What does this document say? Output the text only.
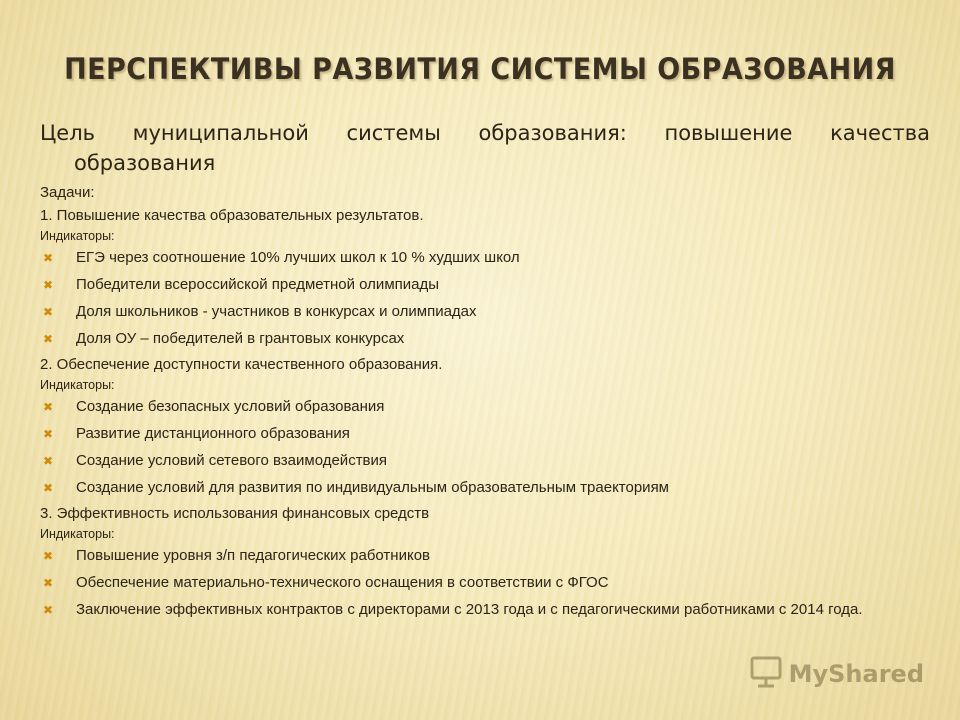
ПЕРСПЕКТИВЫ РАЗВИТИЯ СИСТЕМЫ ОБРАЗОВАНИЯ
Цель муниципальной системы образования: повышение качества
образования
Задачи:
1. Повышение качества образовательных результатов.
Индикаторы:
✖ ЕГЭ через соотношение 10% лучших школ к 10 % худших школ
✖ Победители всероссийской предметной олимпиады
✖ Доля школьников - участников в конкурсах и олимпиадах
✖ Доля ОУ – победителей в грантовых конкурсах
2. Обеспечение доступности качественного образования.
Индикаторы:
✖ Создание безопасных условий образования
✖ Развитие дистанционного образования
✖ Создание условий сетевого взаимодействия
✖ Создание условий для развития по индивидуальным образовательным траекториям
3. Эффективность использования финансовых средств
Индикаторы:
✖ Повышение уровня з/п педагогических работников
✖ Обеспечение материально-технического оснащения в соответствии с ФГОС
✖ Заключение эффективных контрактов с директорами с 2013 года и с педагогическими работниками с 2014 года.
MyShared
